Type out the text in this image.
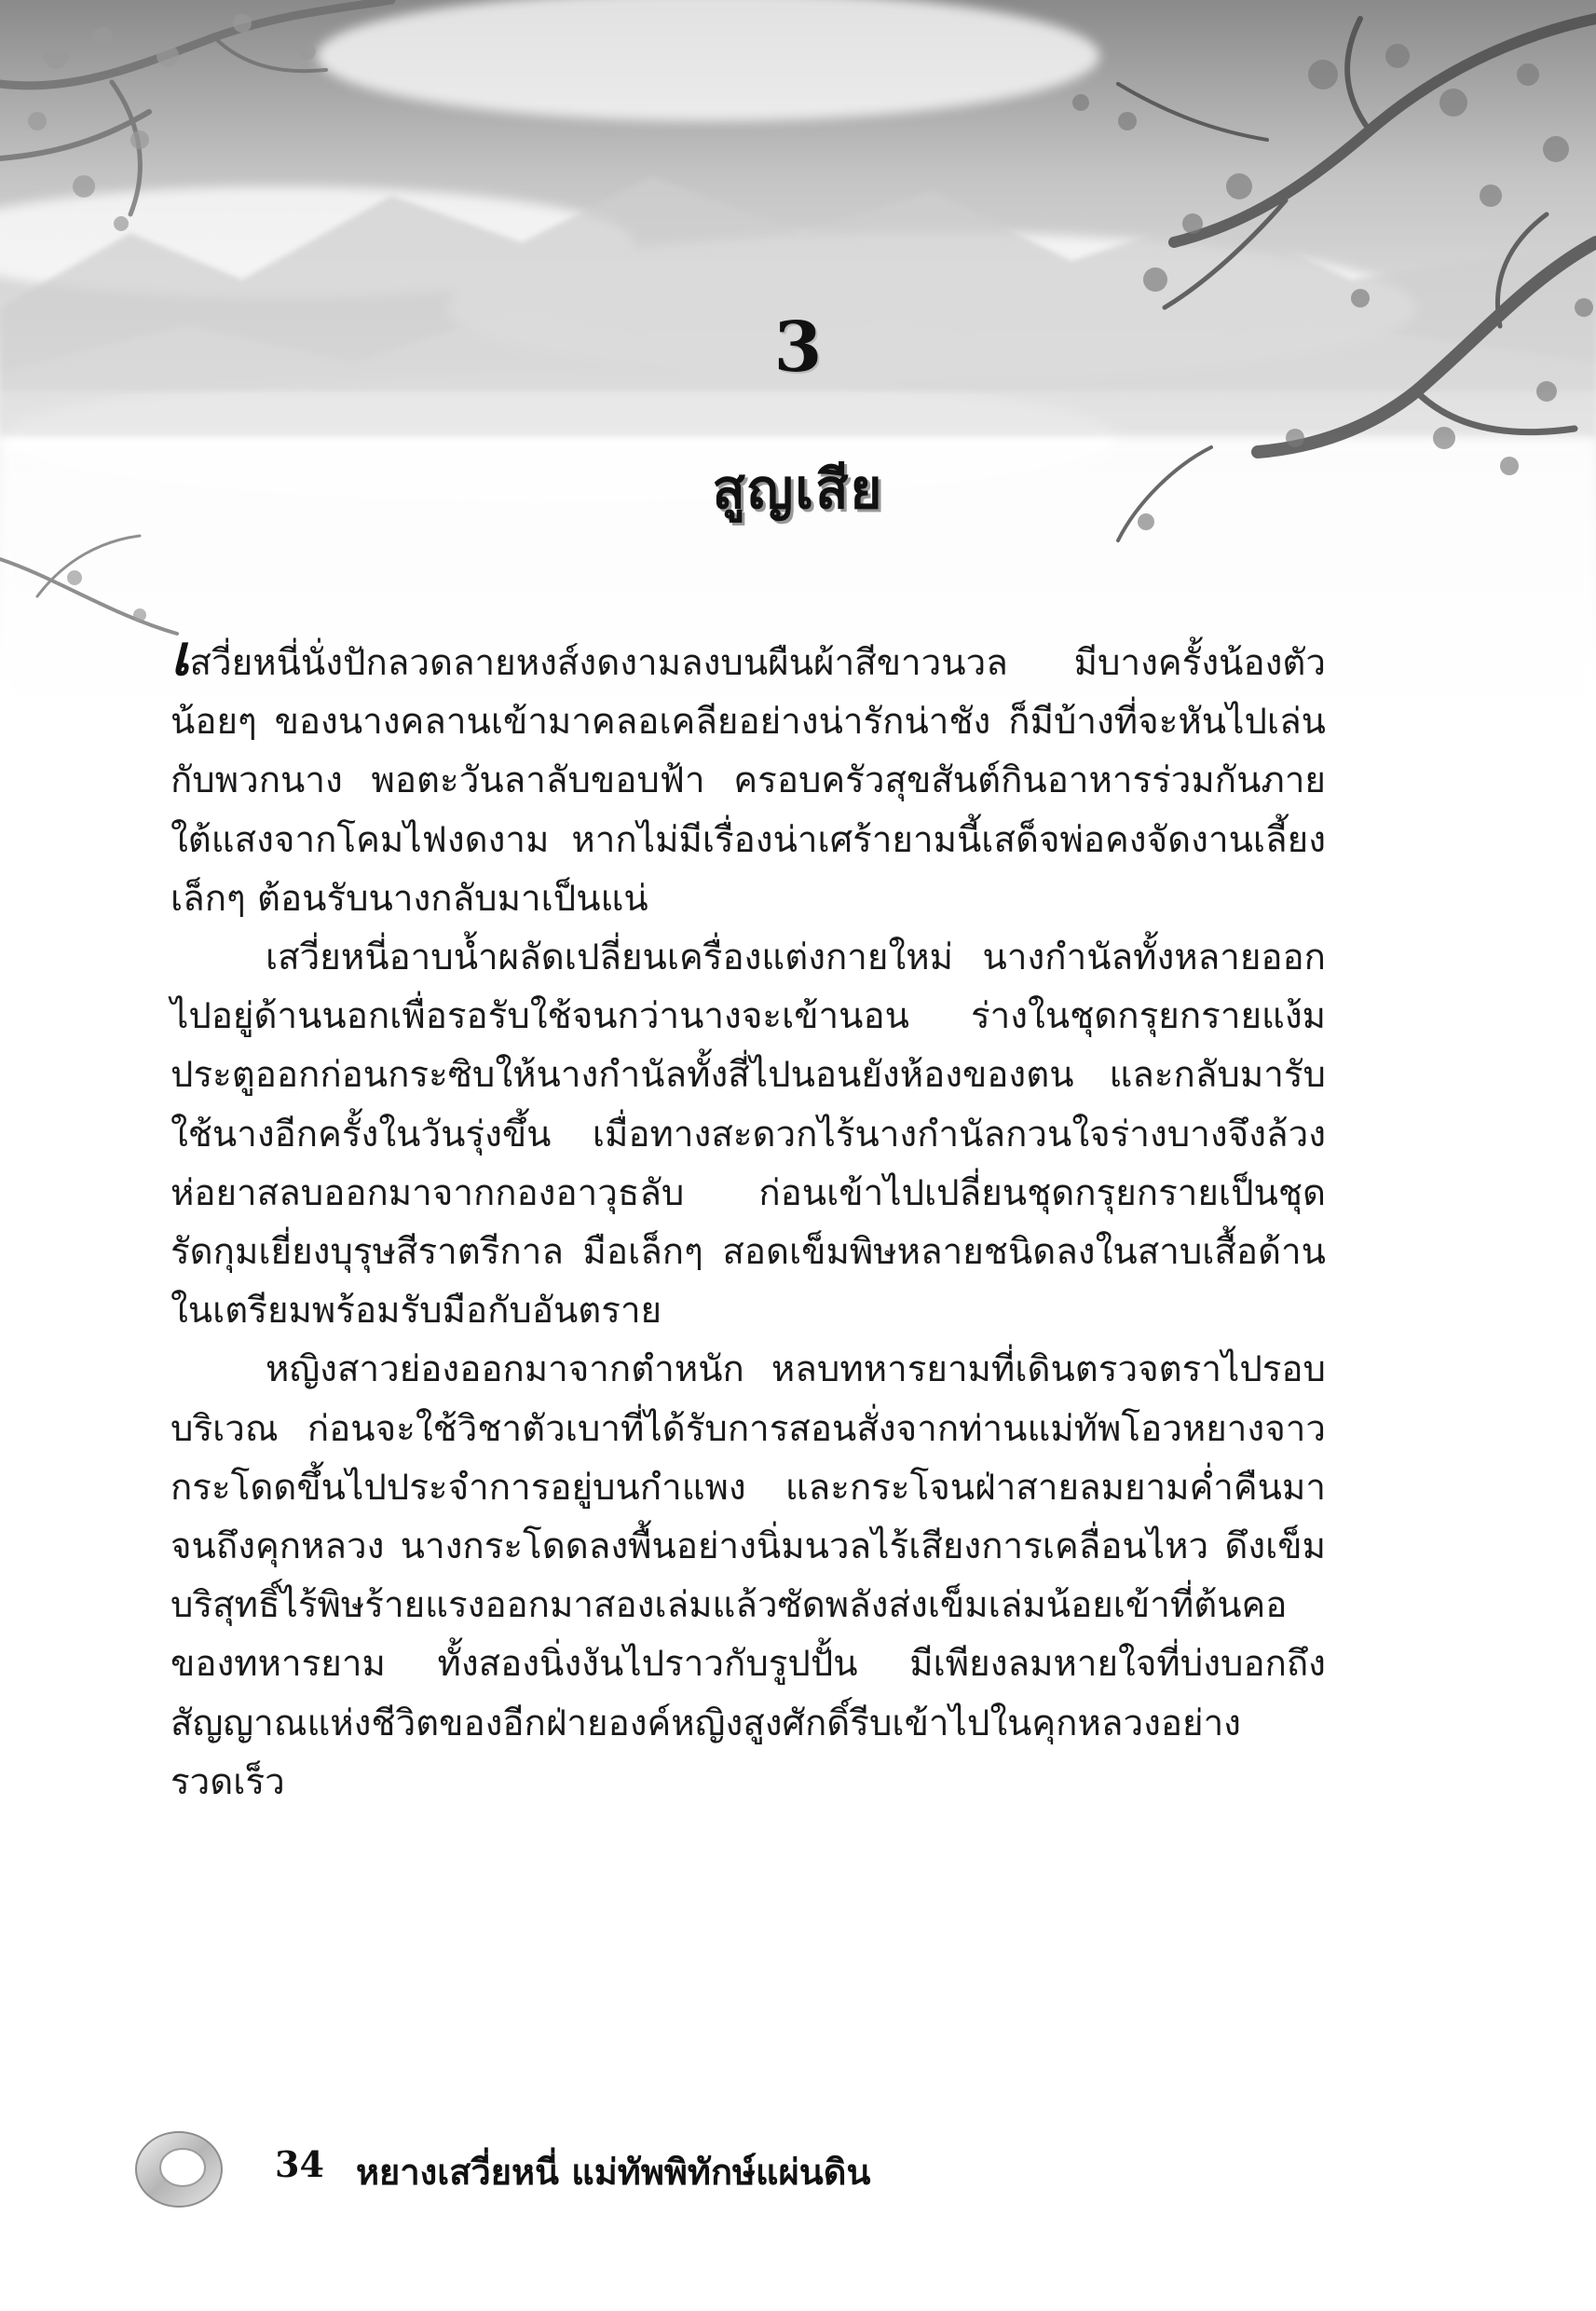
3
สูญเสีย

เสวี่ยหนี่นั่งปักลวดลายหงส์งดงามลงบนผืนผ้าสีขาวนวล มีบางครั้งน้องตัวน้อยๆ ของนางคลานเข้ามาคลอเคลียอย่างน่ารักน่าชัง ก็มีบ้างที่จะหันไปเล่นกับพวกนาง พอตะวันลาลับขอบฟ้า ครอบครัวสุขสันต์กินอาหารร่วมกันภายใต้แสงจากโคมไฟงดงาม หากไม่มีเรื่องน่าเศร้ายามนี้เสด็จพ่อคงจัดงานเลี้ยงเล็กๆ ต้อนรับนางกลับมาเป็นแน่

เสวี่ยหนี่อาบน้ำผลัดเปลี่ยนเครื่องแต่งกายใหม่ นางกำนัลทั้งหลายออกไปอยู่ด้านนอกเพื่อรอรับใช้จนกว่านางจะเข้านอน ร่างในชุดกรุยกรายแง้มประตูออกก่อนกระซิบให้นางกำนัลทั้งสี่ไปนอนยังห้องของตน และกลับมารับใช้นางอีกครั้งในวันรุ่งขึ้น เมื่อทางสะดวกไร้นางกำนัลกวนใจร่างบางจึงล้วงห่อยาสลบออกมาจากกองอาวุธลับ ก่อนเข้าไปเปลี่ยนชุดกรุยกรายเป็นชุดรัดกุมเยี่ยงบุรุษสีราตรีกาล มือเล็กๆ สอดเข็มพิษหลายชนิดลงในสาบเสื้อด้านในเตรียมพร้อมรับมือกับอันตราย

หญิงสาวย่องออกมาจากตำหนัก หลบทหารยามที่เดินตรวจตราไปรอบบริเวณ ก่อนจะใช้วิชาตัวเบาที่ได้รับการสอนสั่งจากท่านแม่ทัพโอวหยางจาวกระโดดขึ้นไปประจำการอยู่บนกำแพง และกระโจนฝ่าสายลมยามค่ำคืนมาจนถึงคุกหลวง นางกระโดดลงพื้นอย่างนิ่มนวลไร้เสียงการเคลื่อนไหว ดึงเข็มบริสุทธิ์ไร้พิษร้ายแรงออกมาสองเล่มแล้วซัดพลังส่งเข็มเล่มน้อยเข้าที่ต้นคอของทหารยาม ทั้งสองนิ่งงันไปราวกับรูปปั้น มีเพียงลมหายใจที่บ่งบอกถึงสัญญาณแห่งชีวิตของอีกฝ่ายองค์หญิงสูงศักดิ์รีบเข้าไปในคุกหลวงอย่างรวดเร็ว

34 หยางเสวี่ยหนี่ แม่ทัพพิทักษ์แผ่นดิน
